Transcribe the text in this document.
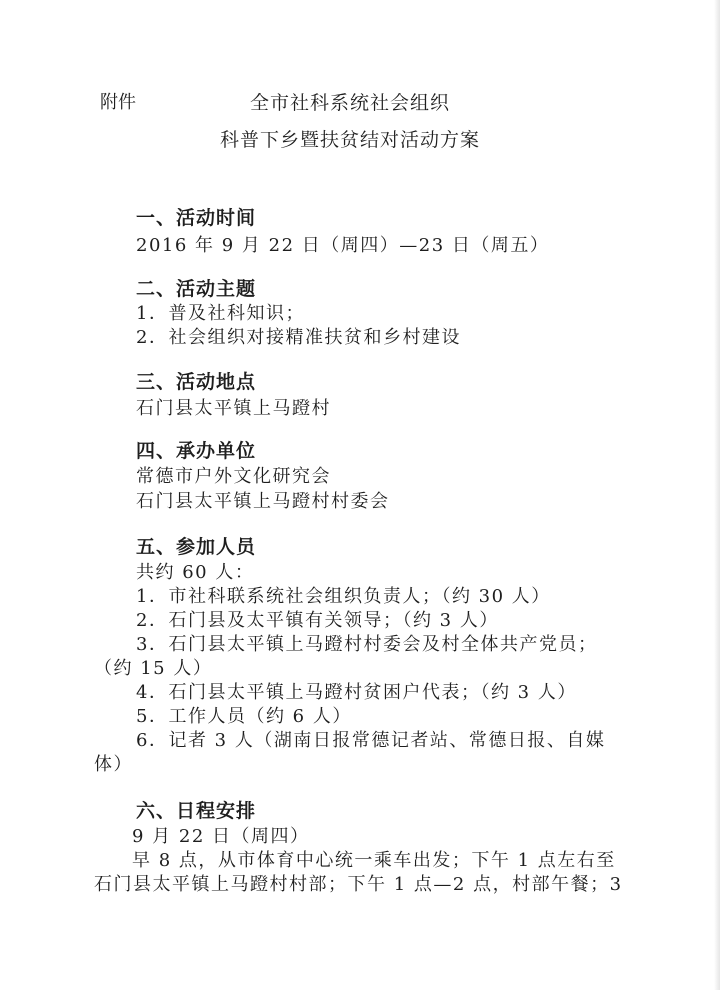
附件	全市社科系统社会组织
科普下乡暨扶贫结对活动方案
一、活动时间
2016 年 9 月 22 日（周四）—23 日（周五）
二、活动主题
1．普及社科知识；
2．社会组织对接精准扶贫和乡村建设
三、活动地点
石门县太平镇上马蹬村
四、承办单位
常德市户外文化研究会
石门县太平镇上马蹬村村委会
五、参加人员
共约 60 人：
1．市社科联系统社会组织负责人；（约 30 人）
2．石门县及太平镇有关领导；（约 3 人）
3．石门县太平镇上马蹬村村委会及村全体共产党员；
（约 15 人）
4．石门县太平镇上马蹬村贫困户代表；（约 3 人）
5．工作人员（约 6 人）
6．记者 3 人（湖南日报常德记者站、常德日报、自媒
体）
六、日程安排
9 月 22 日（周四）
早 8 点，从市体育中心统一乘车出发；下午 1 点左右至
石门县太平镇上马蹬村村部；下午 1 点—2 点，村部午餐；3
